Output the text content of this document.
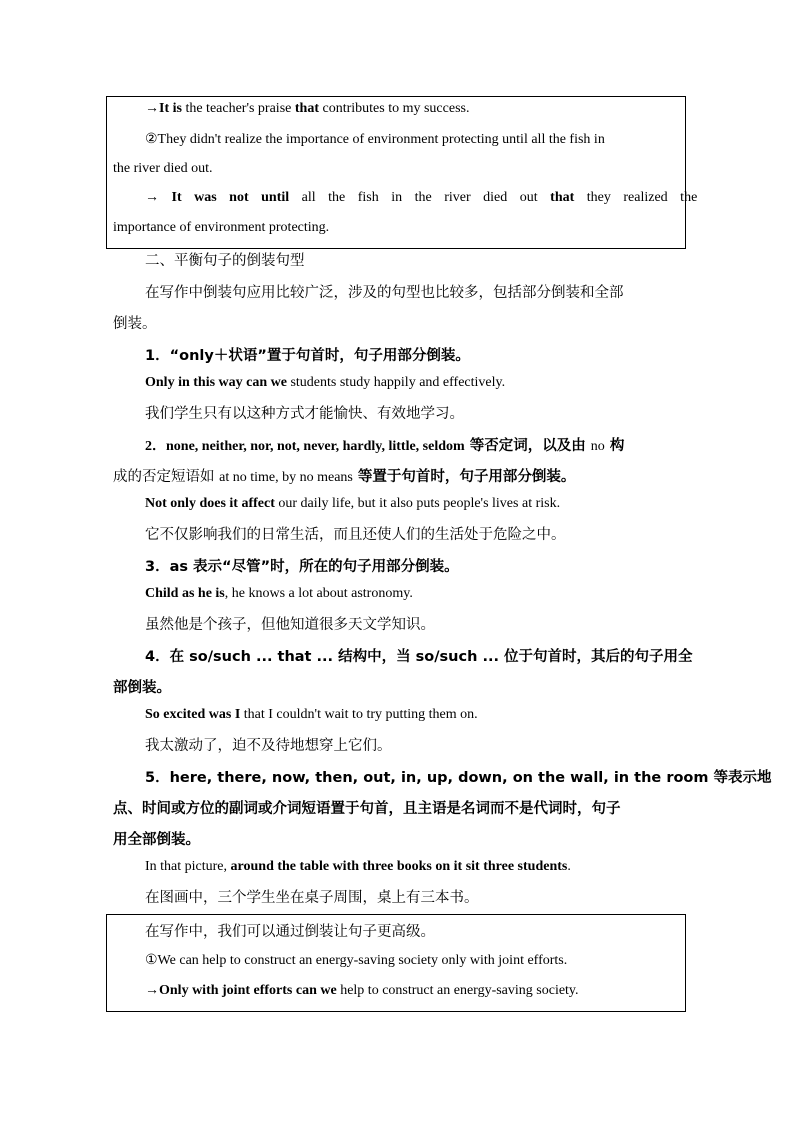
→It is the teacher's praise that contributes to my success.
②They didn't realize the importance of environment protecting until all the fish in
the river died out.
→ It was not until all the fish in the river died out that they realized the
importance of environment protecting.
二、平衡句子的倒装句型
在写作中倒装句应用比较广泛，涉及的句型也比较多，包括部分倒装和全部
倒装。
1．“only＋状语”置于句首时，句子用部分倒装。
Only in this way can we students study happily and effectively.
我们学生只有以这种方式才能愉快、有效地学习。
2．none, neither, nor, not, never, hardly, little, seldom 等否定词，以及由 no 构
成的否定短语如 at no time, by no means 等置于句首时，句子用部分倒装。
Not only does it affect our daily life, but it also puts people's lives at risk.
它不仅影响我们的日常生活，而且还使人们的生活处于危险之中。
3．as 表示“尽管”时，所在的句子用部分倒装。
Child as he is, he knows a lot about astronomy.
虽然他是个孩子，但他知道很多天文学知识。
4．在 so/such ... that ... 结构中，当 so/such ... 位于句首时，其后的句子用全
部倒装。
So excited was I that I couldn't wait to try putting them on.
我太激动了，迫不及待地想穿上它们。
5．here, there, now, then, out, in, up, down, on the wall, in the room 等表示地
点、时间或方位的副词或介词短语置于句首，且主语是名词而不是代词时，句子
用全部倒装。
In that picture, around the table with three books on it sit three students.
在图画中，三个学生坐在桌子周围，桌上有三本书。
在写作中，我们可以通过倒装让句子更高级。
①We can help to construct an energy-saving society only with joint efforts.
→Only with joint efforts can we help to construct an energy-saving society.
